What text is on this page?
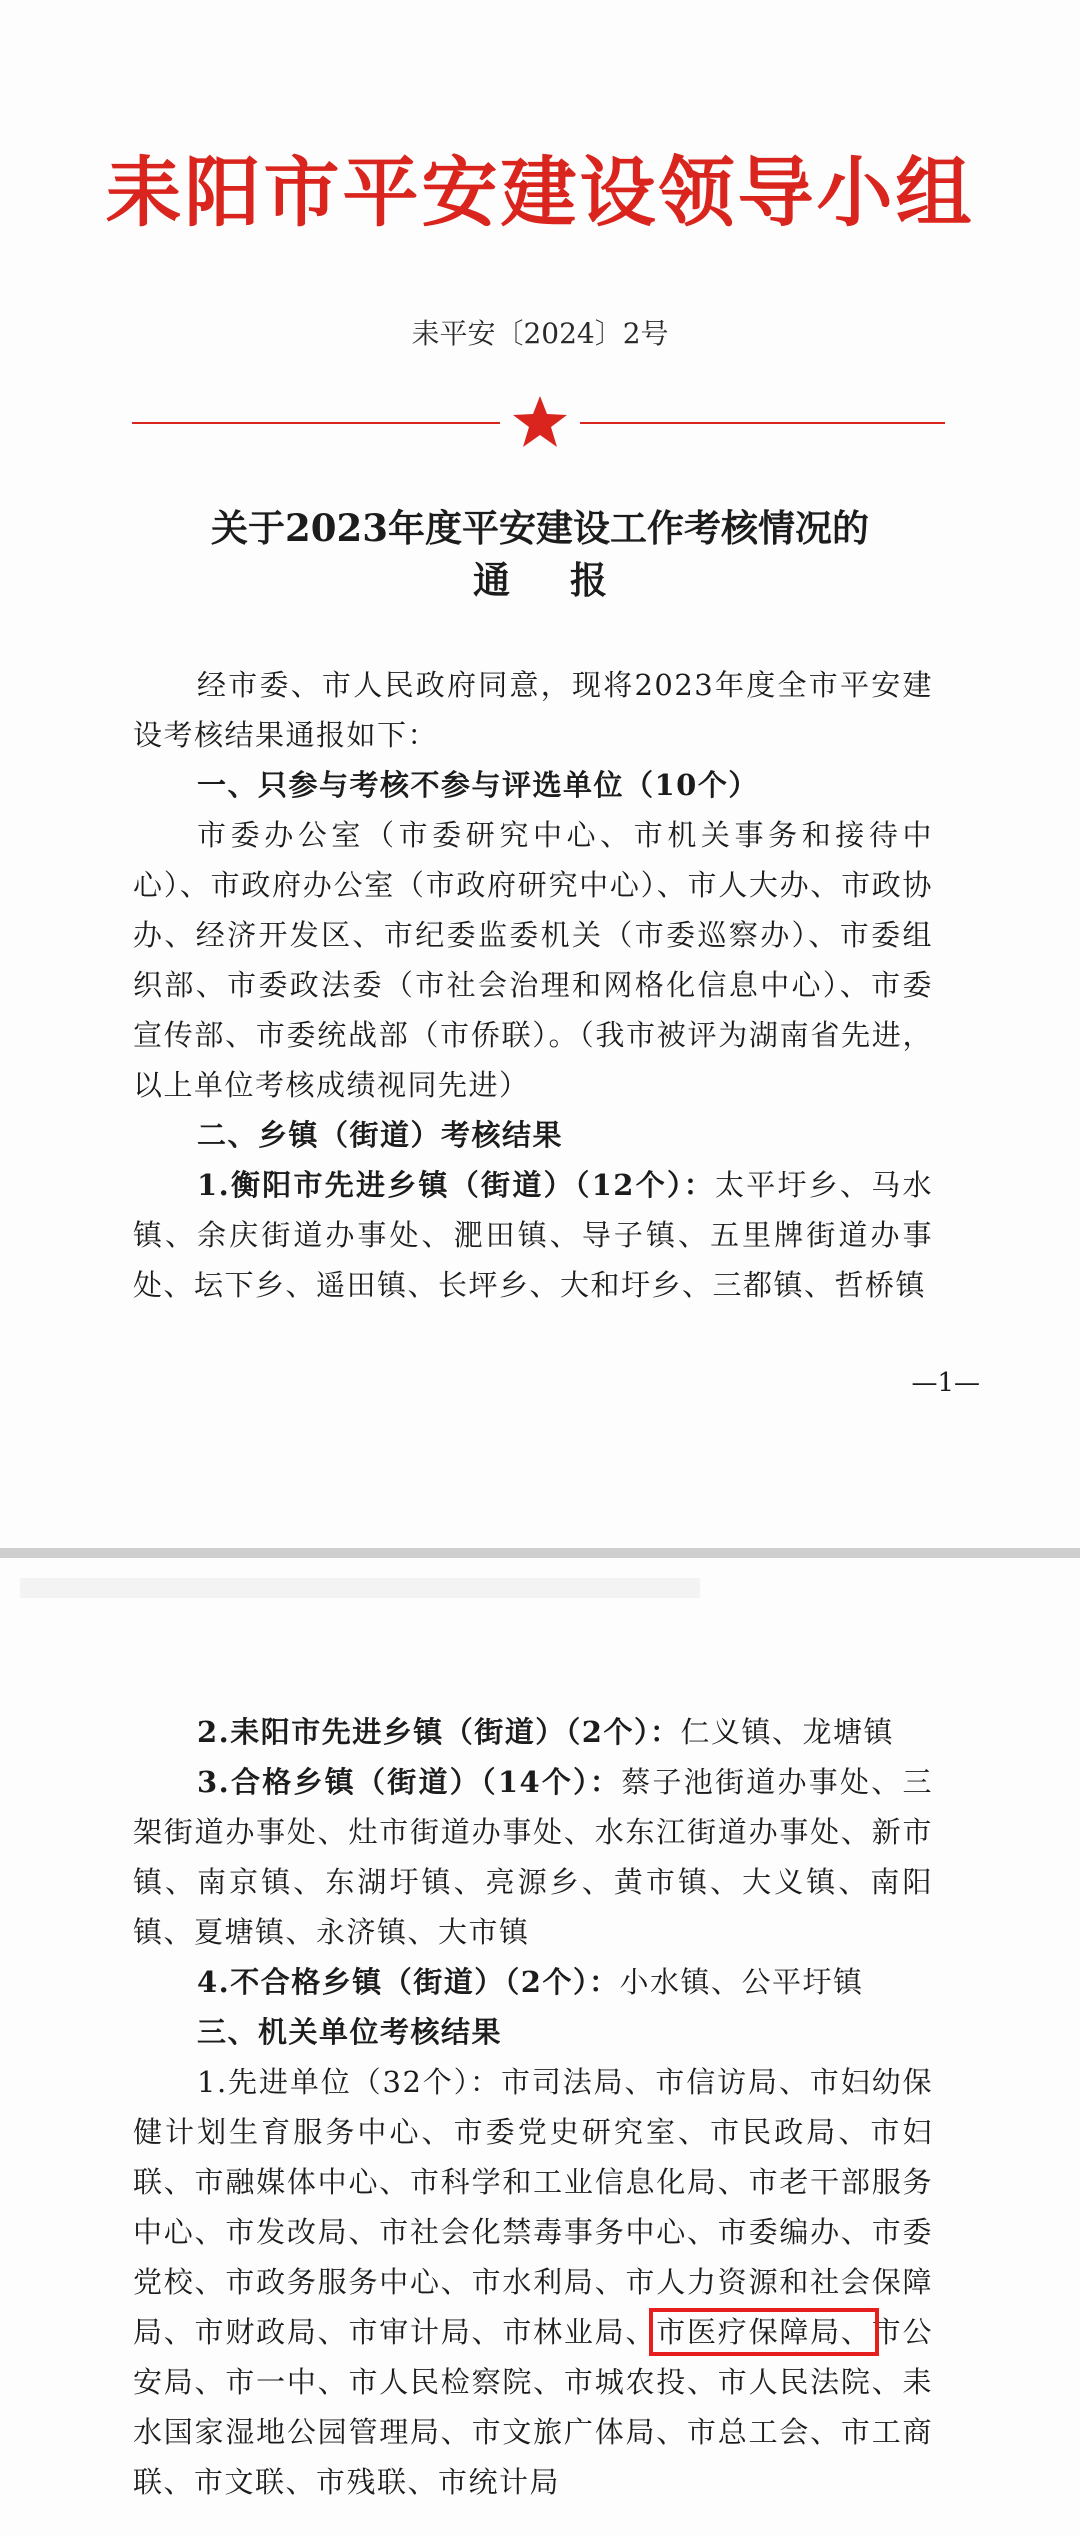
耒阳市平安建设领导小组
耒平安〔2024〕2号
关于2023年度平安建设工作考核情况的
通报

经市委、市人民政府同意，现将2023年度全市平安建设考核结果通报如下：

一、只参与考核不参与评选单位（10个）

市委办公室（市委研究中心、市机关事务和接待中心）、市政府办公室（市政府研究中心）、市人大办、市政协办、经济开发区、市纪委监委机关（市委巡察办）、市委组织部、市委政法委（市社会治理和网格化信息中心）、市委宣传部、市委统战部（市侨联）。（我市被评为湖南省先进，以上单位考核成绩视同先进）

二、乡镇（街道）考核结果

1.衡阳市先进乡镇（街道）（12个）：太平圩乡、马水镇、余庆街道办事处、淝田镇、导子镇、五里牌街道办事处、坛下乡、遥田镇、长坪乡、大和圩乡、三都镇、哲桥镇

—1—

2.耒阳市先进乡镇（街道）（2个）：仁义镇、龙塘镇

3.合格乡镇（街道）（14个）：蔡子池街道办事处、三架街道办事处、灶市街道办事处、水东江街道办事处、新市镇、南京镇、东湖圩镇、亮源乡、黄市镇、大义镇、南阳镇、夏塘镇、永济镇、大市镇

4.不合格乡镇（街道）（2个）：小水镇、公平圩镇

三、机关单位考核结果

1.先进单位（32个）：市司法局、市信访局、市妇幼保健计划生育服务中心、市委党史研究室、市民政局、市妇联、市融媒体中心、市科学和工业信息化局、市老干部服务中心、市发改局、市社会化禁毒事务中心、市委编办、市委党校、市政务服务中心、市水利局、市人力资源和社会保障局、市财政局、市审计局、市林业局、市医疗保障局、市公安局、市一中、市人民检察院、市城农投、市人民法院、耒水国家湿地公园管理局、市文旅广体局、市总工会、市工商联、市文联、市残联、市统计局
